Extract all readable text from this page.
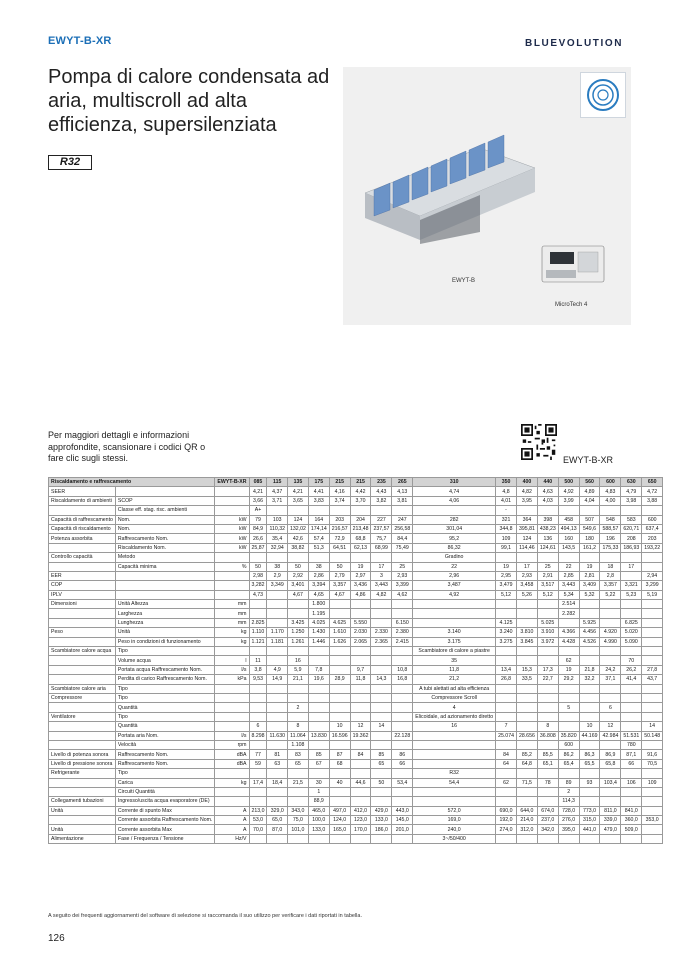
EWYT-B-XR	BLUEVOLUTION
Pompa di calore condensata ad aria, multiscroll ad alta efficienza, supersilenziata
R32
EWYT-B
MicroTech 4

Per maggiori dettagli e informazioni approfondite, scansionare i codici QR o fare clic sugli stessi.	EWYT-B-XR
Riscaldamento e raffrescamento		EWYT-B-XR	085	115	135	175	215	215	235	265	310	350	400	440	500	560	600	630	650
SEER			4,21	4,37	4,21	4,41	4,16	4,42	4,43	4,13	4,74	4,8	4,82	4,63	4,92	4,89	4,83	4,79	4,72
Riscaldamento di ambienti	SCOP		3,66	3,71	3,65	3,83	3,74	3,70	3,82	3,81	4,06	4,01	3,95	4,03	3,99	4,04	4,00	3,98	3,88
	Classe eff. stag. risc. ambienti		A+									-							
Capacità di raffrescamento	Nom.	kW	79	103	124	164	203	204	227	247	282	321	364	398	458	507	548	583	600
Capacità di riscaldamento	Nom.	kW	84,9	110,32	132,02	174,14	216,57	213,48	237,57	256,58	301,04	344,8	395,81	438,23	494,13	549,6	588,57	620,71	637,4
Potenza assorbita	Raffrescamento Nom.	kW	26,6	35,4	42,6	57,4	72,9	68,8	75,7	84,4	95,2	109	124	136	160	180	196	208	203
	Riscaldamento Nom.	kW	25,87	32,94	38,82	51,3	64,51	62,13	68,99	75,49	86,32	99,1	114,46	124,61	143,5	161,2	175,33	186,93	193,22
Controllo capacità	Metodo										Gradino								
	Capacità minima	%	50	38	50	38	50	19	17	25	22	19	17	25	22	19	18	17	
EER			2,98	2,9	2,92	2,86	2,79	2,97	3	2,93	2,96	2,95	2,93	2,91	2,85	2,81	2,8		2,94
COP			3,282	3,349	3,401	3,394	3,357	3,436	3,443	3,399	3,487	3,479	3,458	3,517	3,443	3,409	3,357	3,321	3,299
IPLV			4,73		4,67	4,65	4,67	4,86	4,82	4,62	4,92	5,12	5,26	5,12	5,34	5,32	5,22	5,23	5,19
Dimensioni	Unità Altezza	mm				1.800									2.514				
	Larghezza	mm				1.195									2.282				
	Lunghezza	mm	2.825		3.425	4.025	4.625	5.550		6.150		4.125		5.025		5.925		6.825	
Peso	Unità	kg	1.110	1.170	1.250	1.430	1.610	2.030	2.330	2.380	3.140	3.240	3.810	3.910	4.366	4.456	4.920	5.020	
	Peso in condizioni di funzionamento	kg	1.121	1.181	1.261	1.446	1.626	2.065	2.365	2.415	3.175	3.275	3.845	3.972	4.428	4.526	4.990	5.090	
Scambiatore calore acqua	Tipo										Scambiatore di calore a piastre								
	Volume acqua	l	11		16						35				62			70	
	Portata acqua Raffrescamento Nom.	l/s	3,8	4,9	5,9	7,8		9,7		10,8	11,8	13,4	15,3	17,3	19	21,8	24,2	26,2	27,8
	Perdita di carico Raffrescamento Nom.	kPa	9,53	14,9	21,1	19,6	28,9	11,8	14,3	16,8	21,2	26,8	33,5	22,7	29,2	32,2	37,1	41,4	43,7
Scambiatore calore aria	Tipo										A tubi alettati ad alta efficienza								
Compressore	Tipo										Compressore Scroll								
	Quantità				2						4				5		6		
Ventilatore	Tipo										Elicoidale, ad azionamento diretto								
	Quantità		6		8		10	12	14		16	7		8		10	12		14
	Portata aria Nom.	l/s	8.298	11.630	11.064	13.830	16.596	19.362		22.128		25.074	28.656	36.808	35.820	44.169	42.984	51.531	50.148
	Velocità	rpm			1.108										600			780	
Livello di potenza sonora	Raffrescamento Nom.	dBA	77	81	83	85	87	84	85	86		84	85,2	85,5	86,2	86,3	86,9	87,1	91,6
Livello di pressione sonora	Raffrescamento Nom.	dBA	59	63	65	67	68		65	66		64	64,8	65,1	65,4	65,5	65,8	66	70,5
Refrigerante	Tipo										R32								
	Carica	kg	17,4	18,4	21,5	30	40	44,6	50	53,4	54,4	62	71,5	78	89	93	103,4	106	109
	Circuiti Quantità					1									2				
Collegamenti tubazioni	Ingresso/uscita acqua evaporatore (DE)					88,9									114,3				
Unità	Corrente di spunto Max	A	213,0	329,0	343,0	465,0	497,0	412,0	429,0	443,0	572,0	690,0	644,0	674,0	728,0	773,0	811,0	841,0	
	Corrente assorbita Raffrescamento Nom.	A	53,0	65,0	75,0	100,0	124,0	123,0	133,0	145,0	169,0	192,0	214,0	237,0	276,0	315,0	339,0	360,0	353,0
Unità	Corrente assorbita Max	A	70,0	87,0	101,0	133,0	165,0	170,0	186,0	201,0	240,0	274,0	312,0	342,0	395,0	441,0	479,0	509,0	
Alimentazione	Fase / Frequenza / Tensione	Hz/V									3~/50/400								
A seguito dei frequenti aggiornamenti del software di selezione si raccomanda il suo utilizzo per verificare i dati riportati in tabella.
126
